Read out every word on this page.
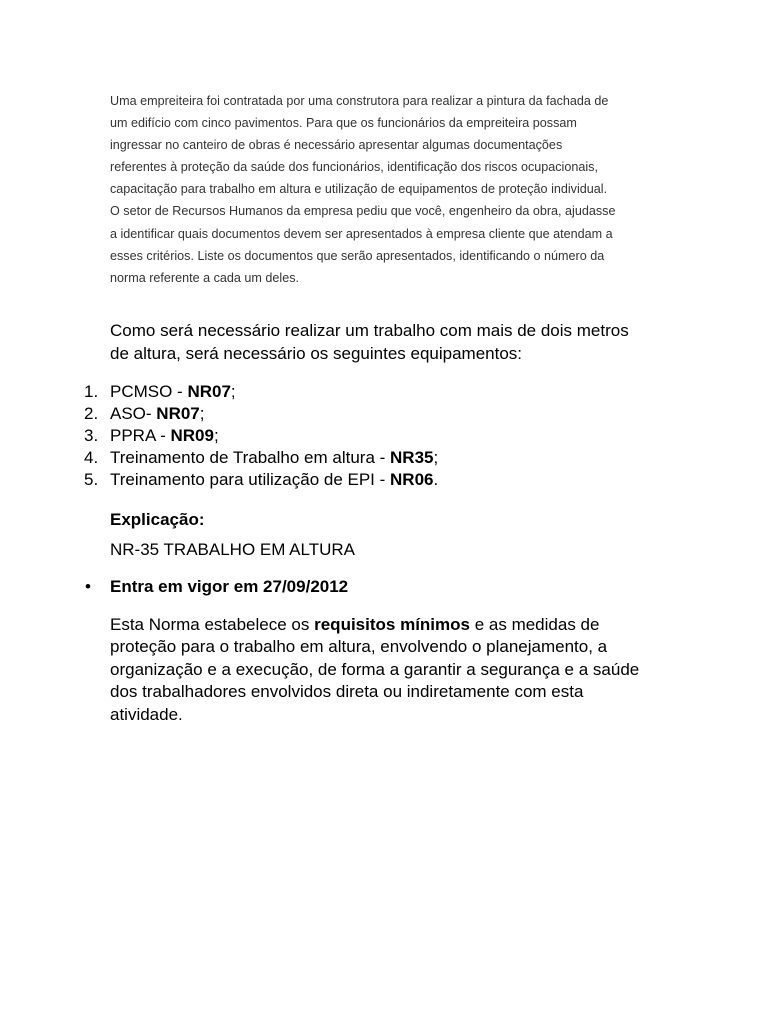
Uma empreiteira foi contratada por uma construtora para realizar a pintura da fachada de
um edifício com cinco pavimentos. Para que os funcionários da empreiteira possam
ingressar no canteiro de obras é necessário apresentar algumas documentações
referentes à proteção da saúde dos funcionários, identificação dos riscos ocupacionais,
capacitação para trabalho em altura e utilização de equipamentos de proteção individual.
O setor de Recursos Humanos da empresa pediu que você, engenheiro da obra, ajudasse
a identificar quais documentos devem ser apresentados à empresa cliente que atendam a
esses critérios. Liste os documentos que serão apresentados, identificando o número da
norma referente a cada um deles.

Como será necessário realizar um trabalho com mais de dois metros
de altura, será necessário os seguintes equipamentos:

1. PCMSO - NR07;
2. ASO- NR07;
3. PPRA - NR09;
4. Treinamento de Trabalho em altura - NR35;
5. Treinamento para utilização de EPI - NR06.

Explicação:

NR-35 TRABALHO EM ALTURA

• Entra em vigor em 27/09/2012

Esta Norma estabelece os requisitos mínimos e as medidas de
proteção para o trabalho em altura, envolvendo o planejamento, a
organização e a execução, de forma a garantir a segurança e a saúde
dos trabalhadores envolvidos direta ou indiretamente com esta
atividade.
